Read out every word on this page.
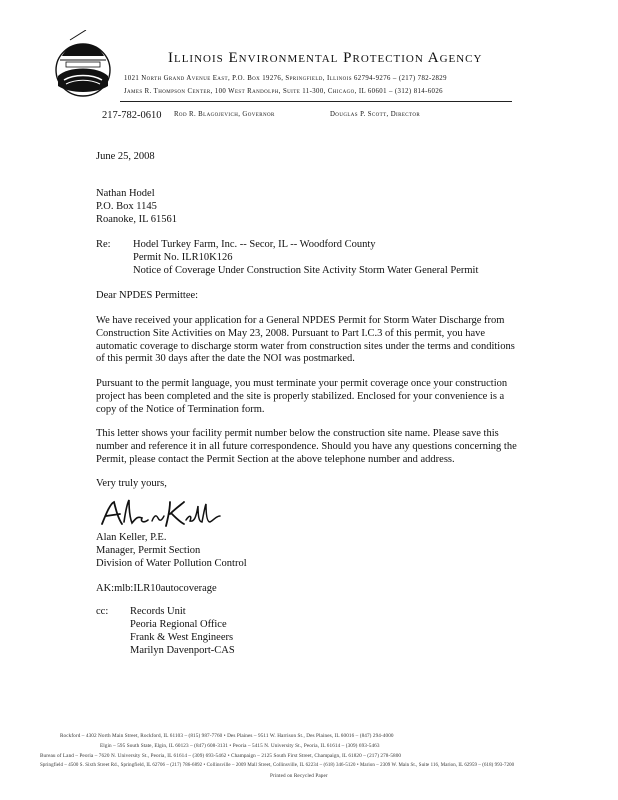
Illinois Environmental Protection Agency
1021 North Grand Avenue East, P.O. Box 19276, Springfield, Illinois 62794-9276 – (217) 782-2829
James R. Thompson Center, 100 West Randolph, Suite 11-300, Chicago, IL 60601 – (312) 814-6026
217-782-0610 Rod R. Blagojevich, Governor	Douglas P. Scott, Director
June 25, 2008
Nathan Hodel
P.O. Box 1145
Roanoke, IL 61561
Re: Hodel Turkey Farm, Inc. -- Secor, IL -- Woodford County
Permit No. ILR10K126
Notice of Coverage Under Construction Site Activity Storm Water General Permit
Dear NPDES Permittee:
We have received your application for a General NPDES Permit for Storm Water Discharge from
Construction Site Activities on May 23, 2008. Pursuant to Part I.C.3 of this permit, you have
automatic coverage to discharge storm water from construction sites under the terms and conditions
of this permit 30 days after the date the NOI was postmarked.
Pursuant to the permit language, you must terminate your permit coverage once your construction
project has been completed and the site is properly stabilized. Enclosed for your convenience is a
copy of the Notice of Termination form.
This letter shows your facility permit number below the construction site name. Please save this
number and reference it in all future correspondence. Should you have any questions concerning the
Permit, please contact the Permit Section at the above telephone number and address.
Very truly yours,
Alan Keller, P.E.
Manager, Permit Section
Division of Water Pollution Control
AK:mlb:ILR10autocoverage
cc: Records Unit
Peoria Regional Office
Frank & West Engineers
Marilyn Davenport-CAS
Rockford – 4302 North Main Street, Rockford, IL 61103 – (815) 987-7760 • Des Plaines – 9511 W. Harrison St., Des Plaines, IL 60016 – (847) 294-4000
Elgin – 595 South State, Elgin, IL 60123 – (847) 608-3131 • Peoria – 5415 N. University St., Peoria, IL 61614 – (309) 693-5463
Bureau of Land – Peoria – 7620 N. University St., Peoria, IL 61614 – (309) 693-5462 • Champaign – 2125 South First Street, Champaign, IL 61820 – (217) 278-5800
Springfield – 4500 S. Sixth Street Rd., Springfield, IL 62706 – (217) 786-6892 • Collinsville – 2009 Mall Street, Collinsville, IL 62234 – (618) 346-5120 • Marion – 2309 W. Main St., Suite 116, Marion, IL 62959 – (618) 993-7200
Printed on Recycled Paper
